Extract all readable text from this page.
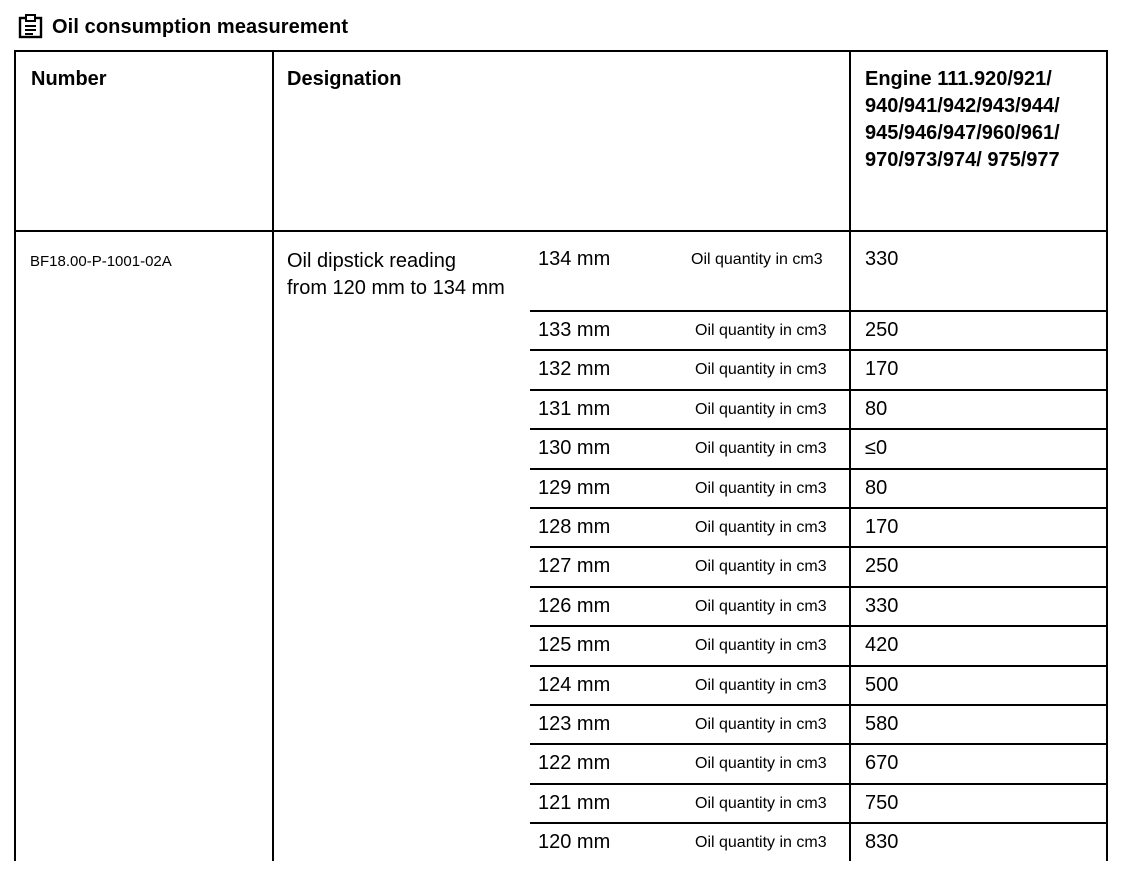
Oil consumption measurement
Number	Designation	Engine 111.920/921/
940/941/942/943/944/
945/946/947/960/961/
970/973/974/ 975/977
BF18.00-P-1001-02A	Oil dipstick reading
from 120 mm to 134 mm
134 mm	Oil quantity in cm3 330
133 mm	Oil quantity in cm3 250
132 mm	Oil quantity in cm3 170
131 mm	Oil quantity in cm3 80
130 mm	Oil quantity in cm3 ≤0
129 mm	Oil quantity in cm3 80
128 mm	Oil quantity in cm3 170
127 mm	Oil quantity in cm3 250
126 mm	Oil quantity in cm3 330
125 mm	Oil quantity in cm3 420
124 mm	Oil quantity in cm3 500
123 mm	Oil quantity in cm3 580
122 mm	Oil quantity in cm3 670
121 mm	Oil quantity in cm3 750
120 mm	Oil quantity in cm3 830
